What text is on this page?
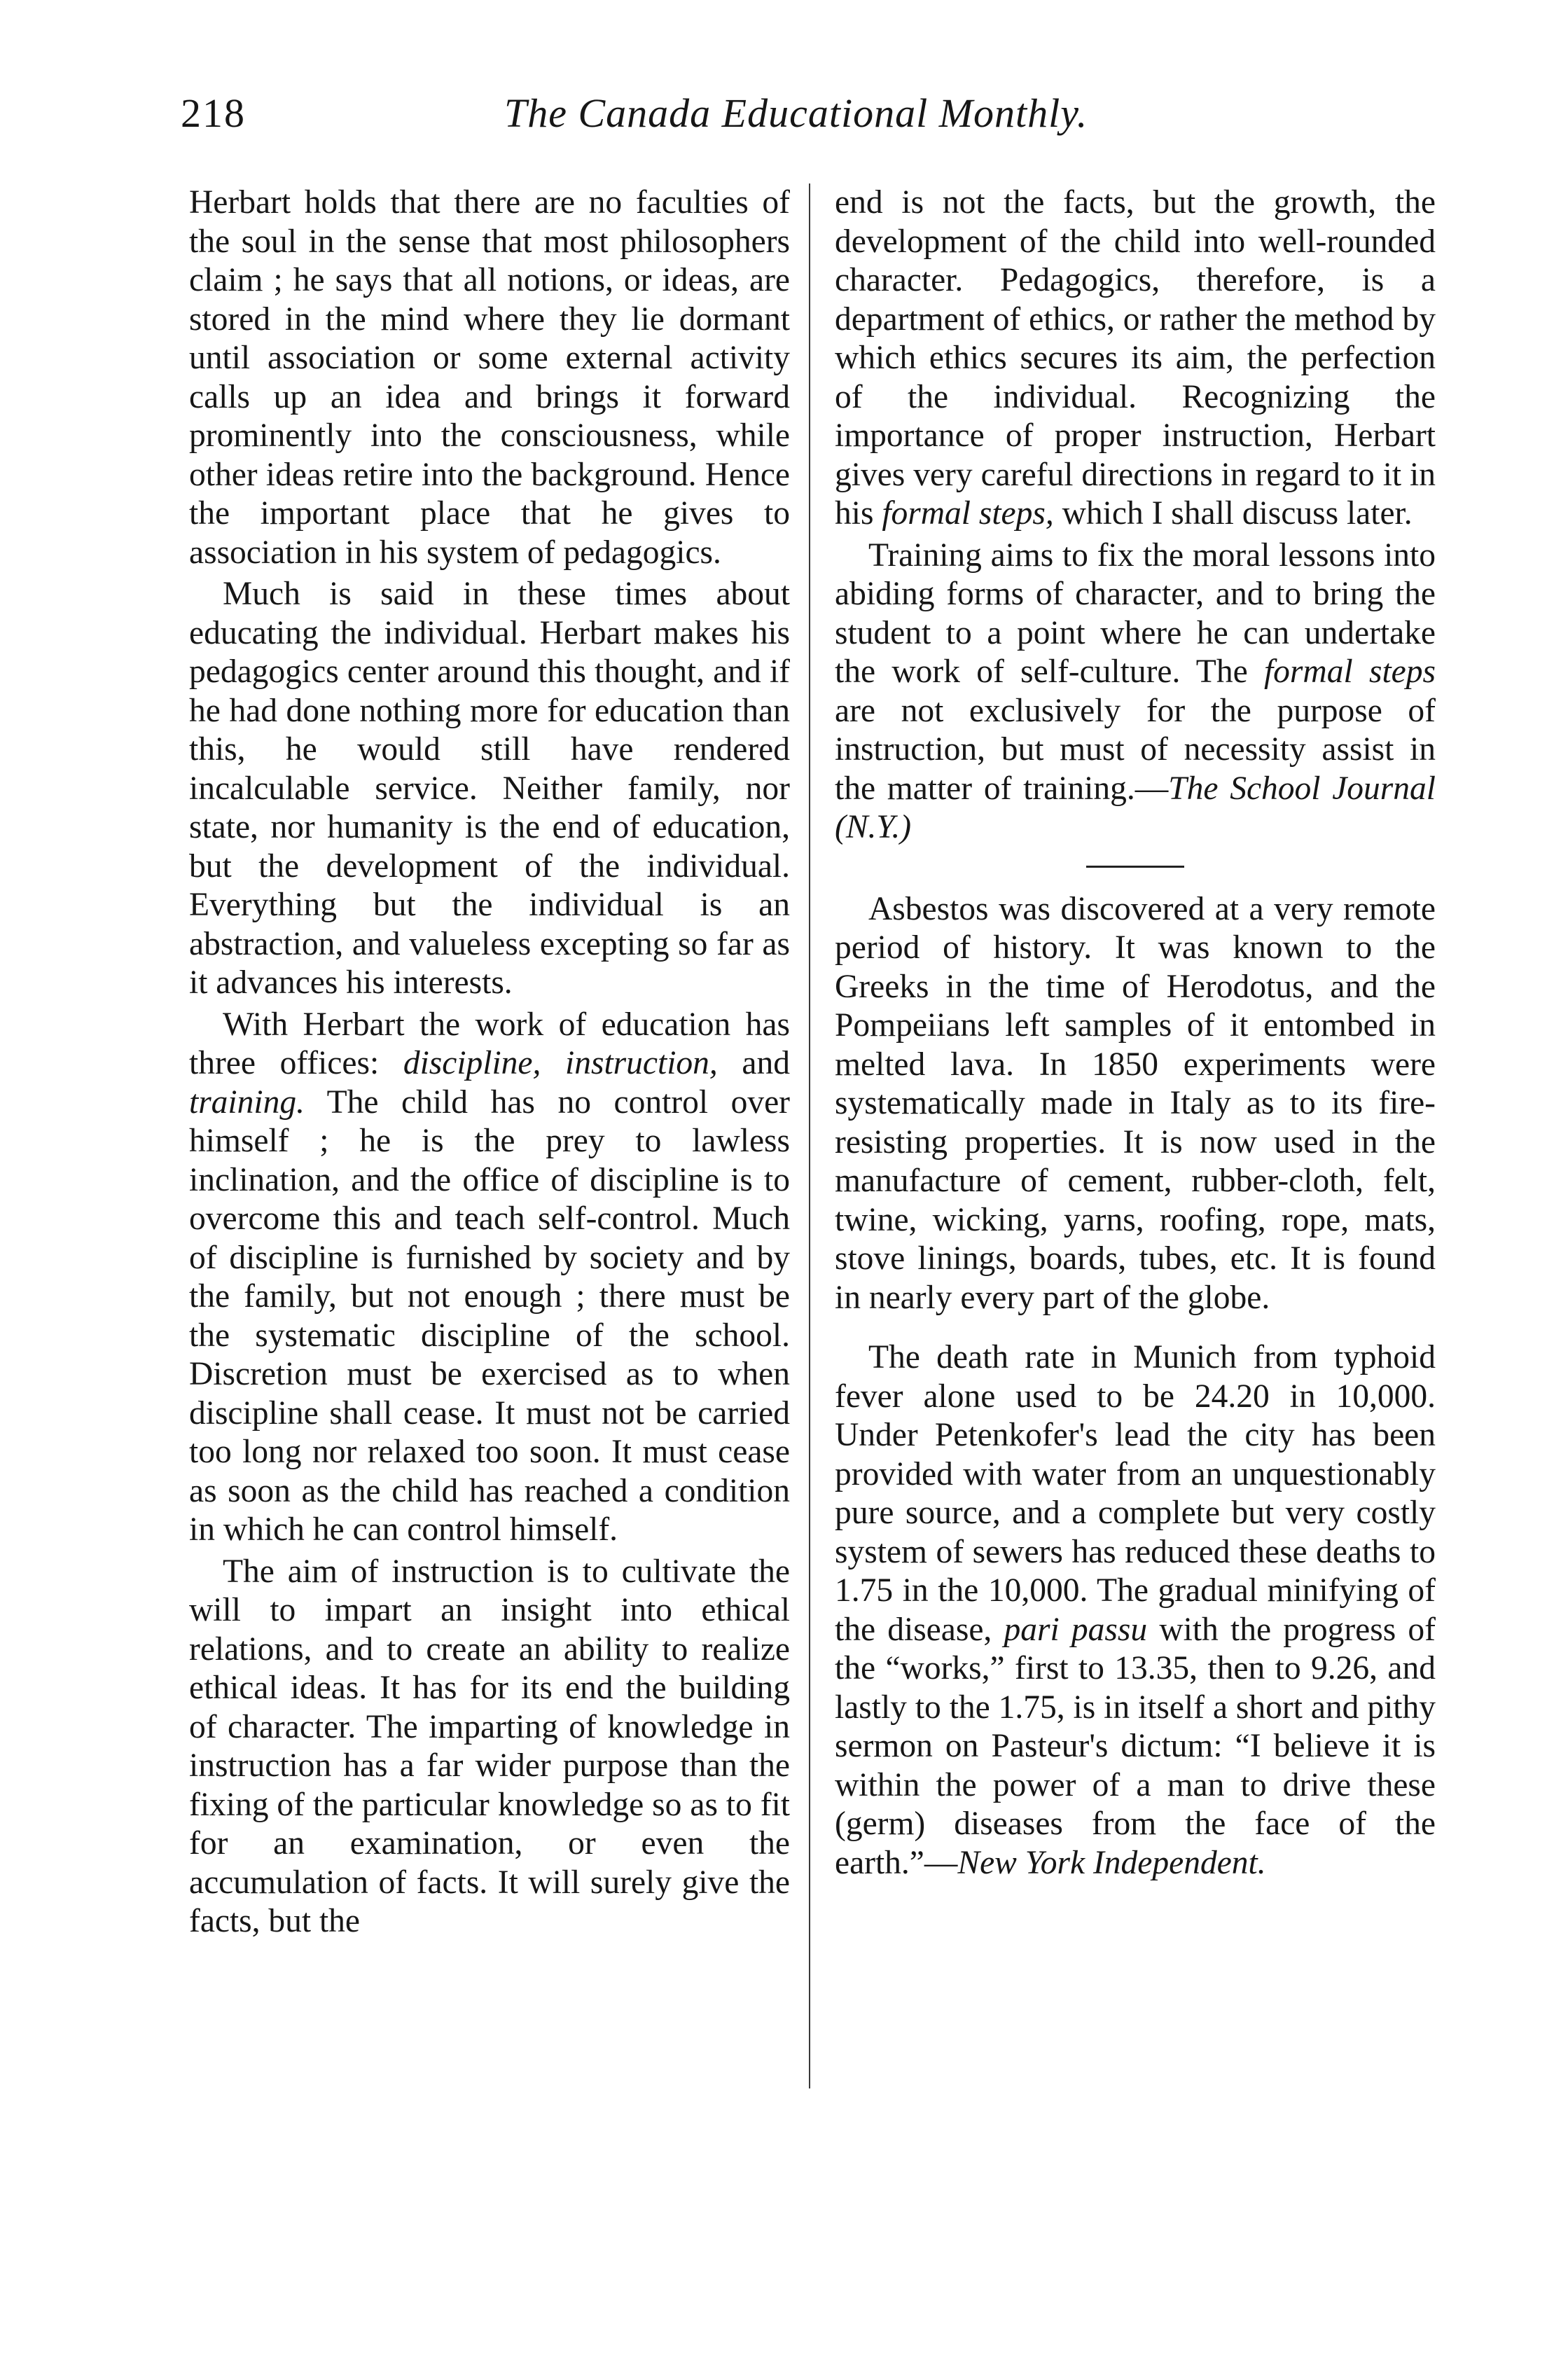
218	The Canada Educational Monthly.

Herbart holds that there are no faculties of the soul in the sense that most philosophers claim ; he says that all notions, or ideas, are stored in the mind where they lie dormant until association or some external activity calls up an idea and brings it forward prominently into the consciousness, while other ideas retire into the background. Hence the important place that he gives to association in his system of pedagogics.

Much is said in these times about educating the individual. Herbart makes his pedagogics center around this thought, and if he had done nothing more for education than this, he would still have rendered incalculable service. Neither family, nor state, nor humanity is the end of education, but the development of the individual. Everything but the individual is an abstraction, and valueless excepting so far as it advances his interests.

With Herbart the work of education has three offices: discipline, instruction, and training. The child has no control over himself ; he is the prey to lawless inclination, and the office of discipline is to overcome this and teach self-control. Much of discipline is furnished by society and by the family, but not enough ; there must be the systematic discipline of the school. Discretion must be exercised as to when discipline shall cease. It must not be carried too long nor relaxed too soon. It must cease as soon as the child has reached a condition in which he can control himself.

The aim of instruction is to cultivate the will to impart an insight into ethical relations, and to create an ability to realize ethical ideas. It has for its end the building of character. The imparting of knowledge in instruction has a far wider purpose than the fixing of the particular knowledge so as to fit for an examination, or even the accumulation of facts. It will surely give the facts, but the

end is not the facts, but the growth, the development of the child into well-rounded character. Pedagogics, therefore, is a department of ethics, or rather the method by which ethics secures its aim, the perfection of the individual. Recognizing the importance of proper instruction, Herbart gives very careful directions in regard to it in his formal steps, which I shall discuss later.

Training aims to fix the moral lessons into abiding forms of character, and to bring the student to a point where he can undertake the work of self-culture. The formal steps are not exclusively for the purpose of instruction, but must of necessity assist in the matter of training.—The School Journal (N.Y.)

Asbestos was discovered at a very remote period of history. It was known to the Greeks in the time of Herodotus, and the Pompeiians left samples of it entombed in melted lava. In 1850 experiments were systematically made in Italy as to its fire-resisting properties. It is now used in the manufacture of cement, rubber-cloth, felt, twine, wicking, yarns, roofing, rope, mats, stove linings, boards, tubes, etc. It is found in nearly every part of the globe.

The death rate in Munich from typhoid fever alone used to be 24.20 in 10,000. Under Petenkofer's lead the city has been provided with water from an unquestionably pure source, and a complete but very costly system of sewers has reduced these deaths to 1.75 in the 10,000. The gradual minifying of the disease, pari passu with the progress of the “works,” first to 13.35, then to 9.26, and lastly to the 1.75, is in itself a short and pithy sermon on Pasteur's dictum: “I believe it is within the power of a man to drive these (germ) diseases from the face of the earth.”—New York Independent.
